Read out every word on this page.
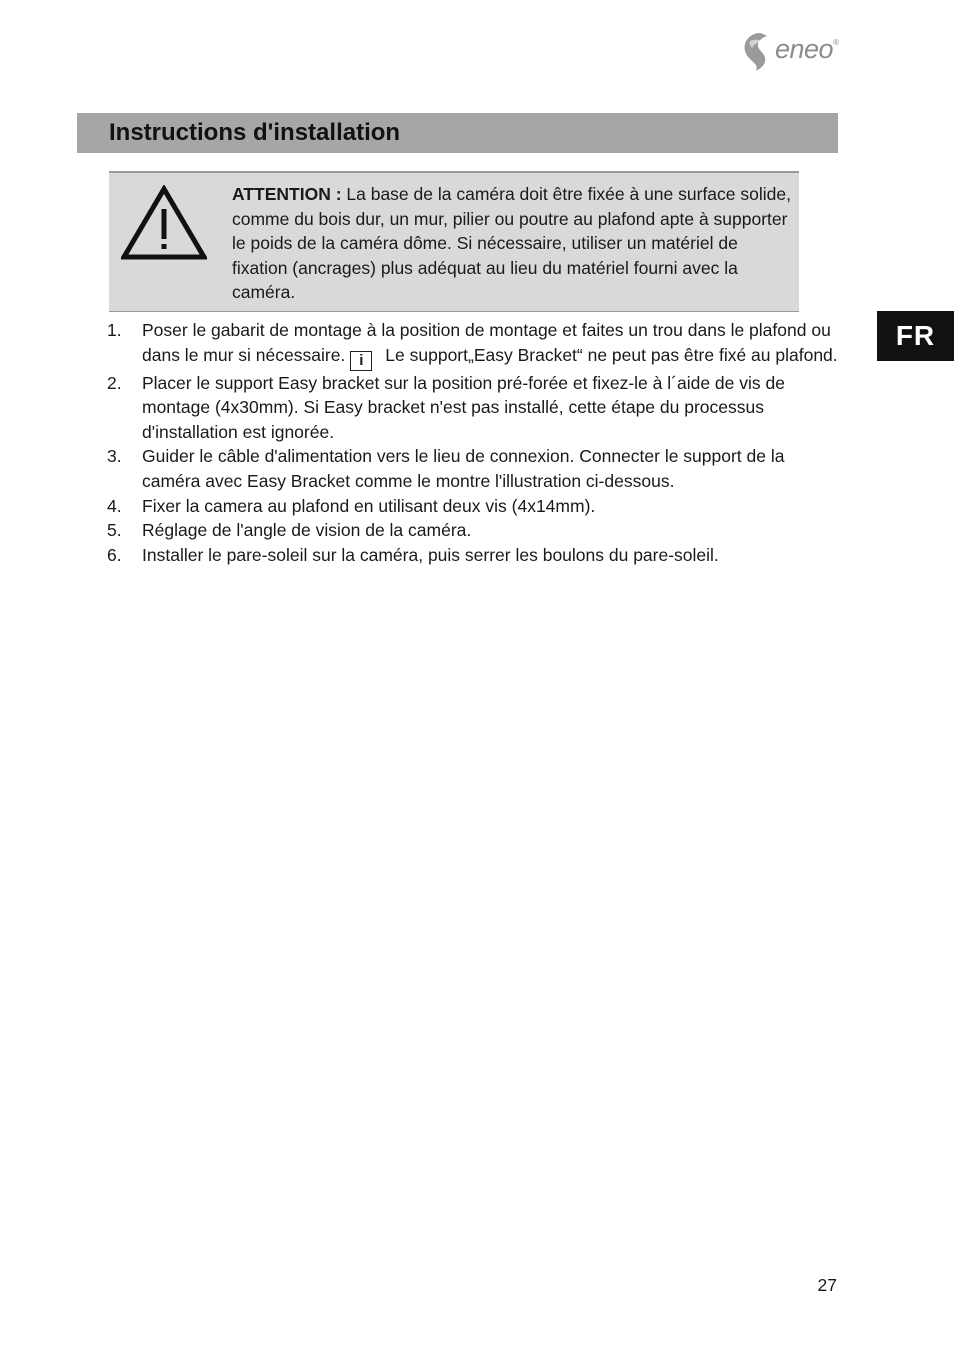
eneo®
Instructions d'installation
FR
ATTENTION : La base de la caméra doit être fixée à une surface solide, comme du bois dur, un mur, pilier ou poutre au plafond apte à supporter le poids de la caméra dôme. Si nécessaire, utiliser un matériel de fixation (ancrages) plus adéquat au lieu du matériel fourni avec la caméra.
1.	Poser le gabarit de montage à la position de montage et faites un trou dans le plafond ou dans le mur si nécessaire. i Le support„Easy Bracket“ ne peut pas être fixé au plafond.
2.	Placer le support Easy bracket sur la position pré-forée et fixez-le à l´aide de vis de montage (4x30mm). Si Easy bracket n'est pas installé, cette étape du processus d'installation est ignorée.
3.	Guider le câble d'alimentation vers le lieu de connexion. Connecter le support de la caméra avec Easy Bracket comme le montre l'illustration ci-dessous.
4.	Fixer la camera au plafond en utilisant deux vis (4x14mm).
5.	Réglage de l'angle de vision de la caméra.
6.	Installer le pare-soleil sur la caméra, puis serrer les boulons du pare-soleil.
27
